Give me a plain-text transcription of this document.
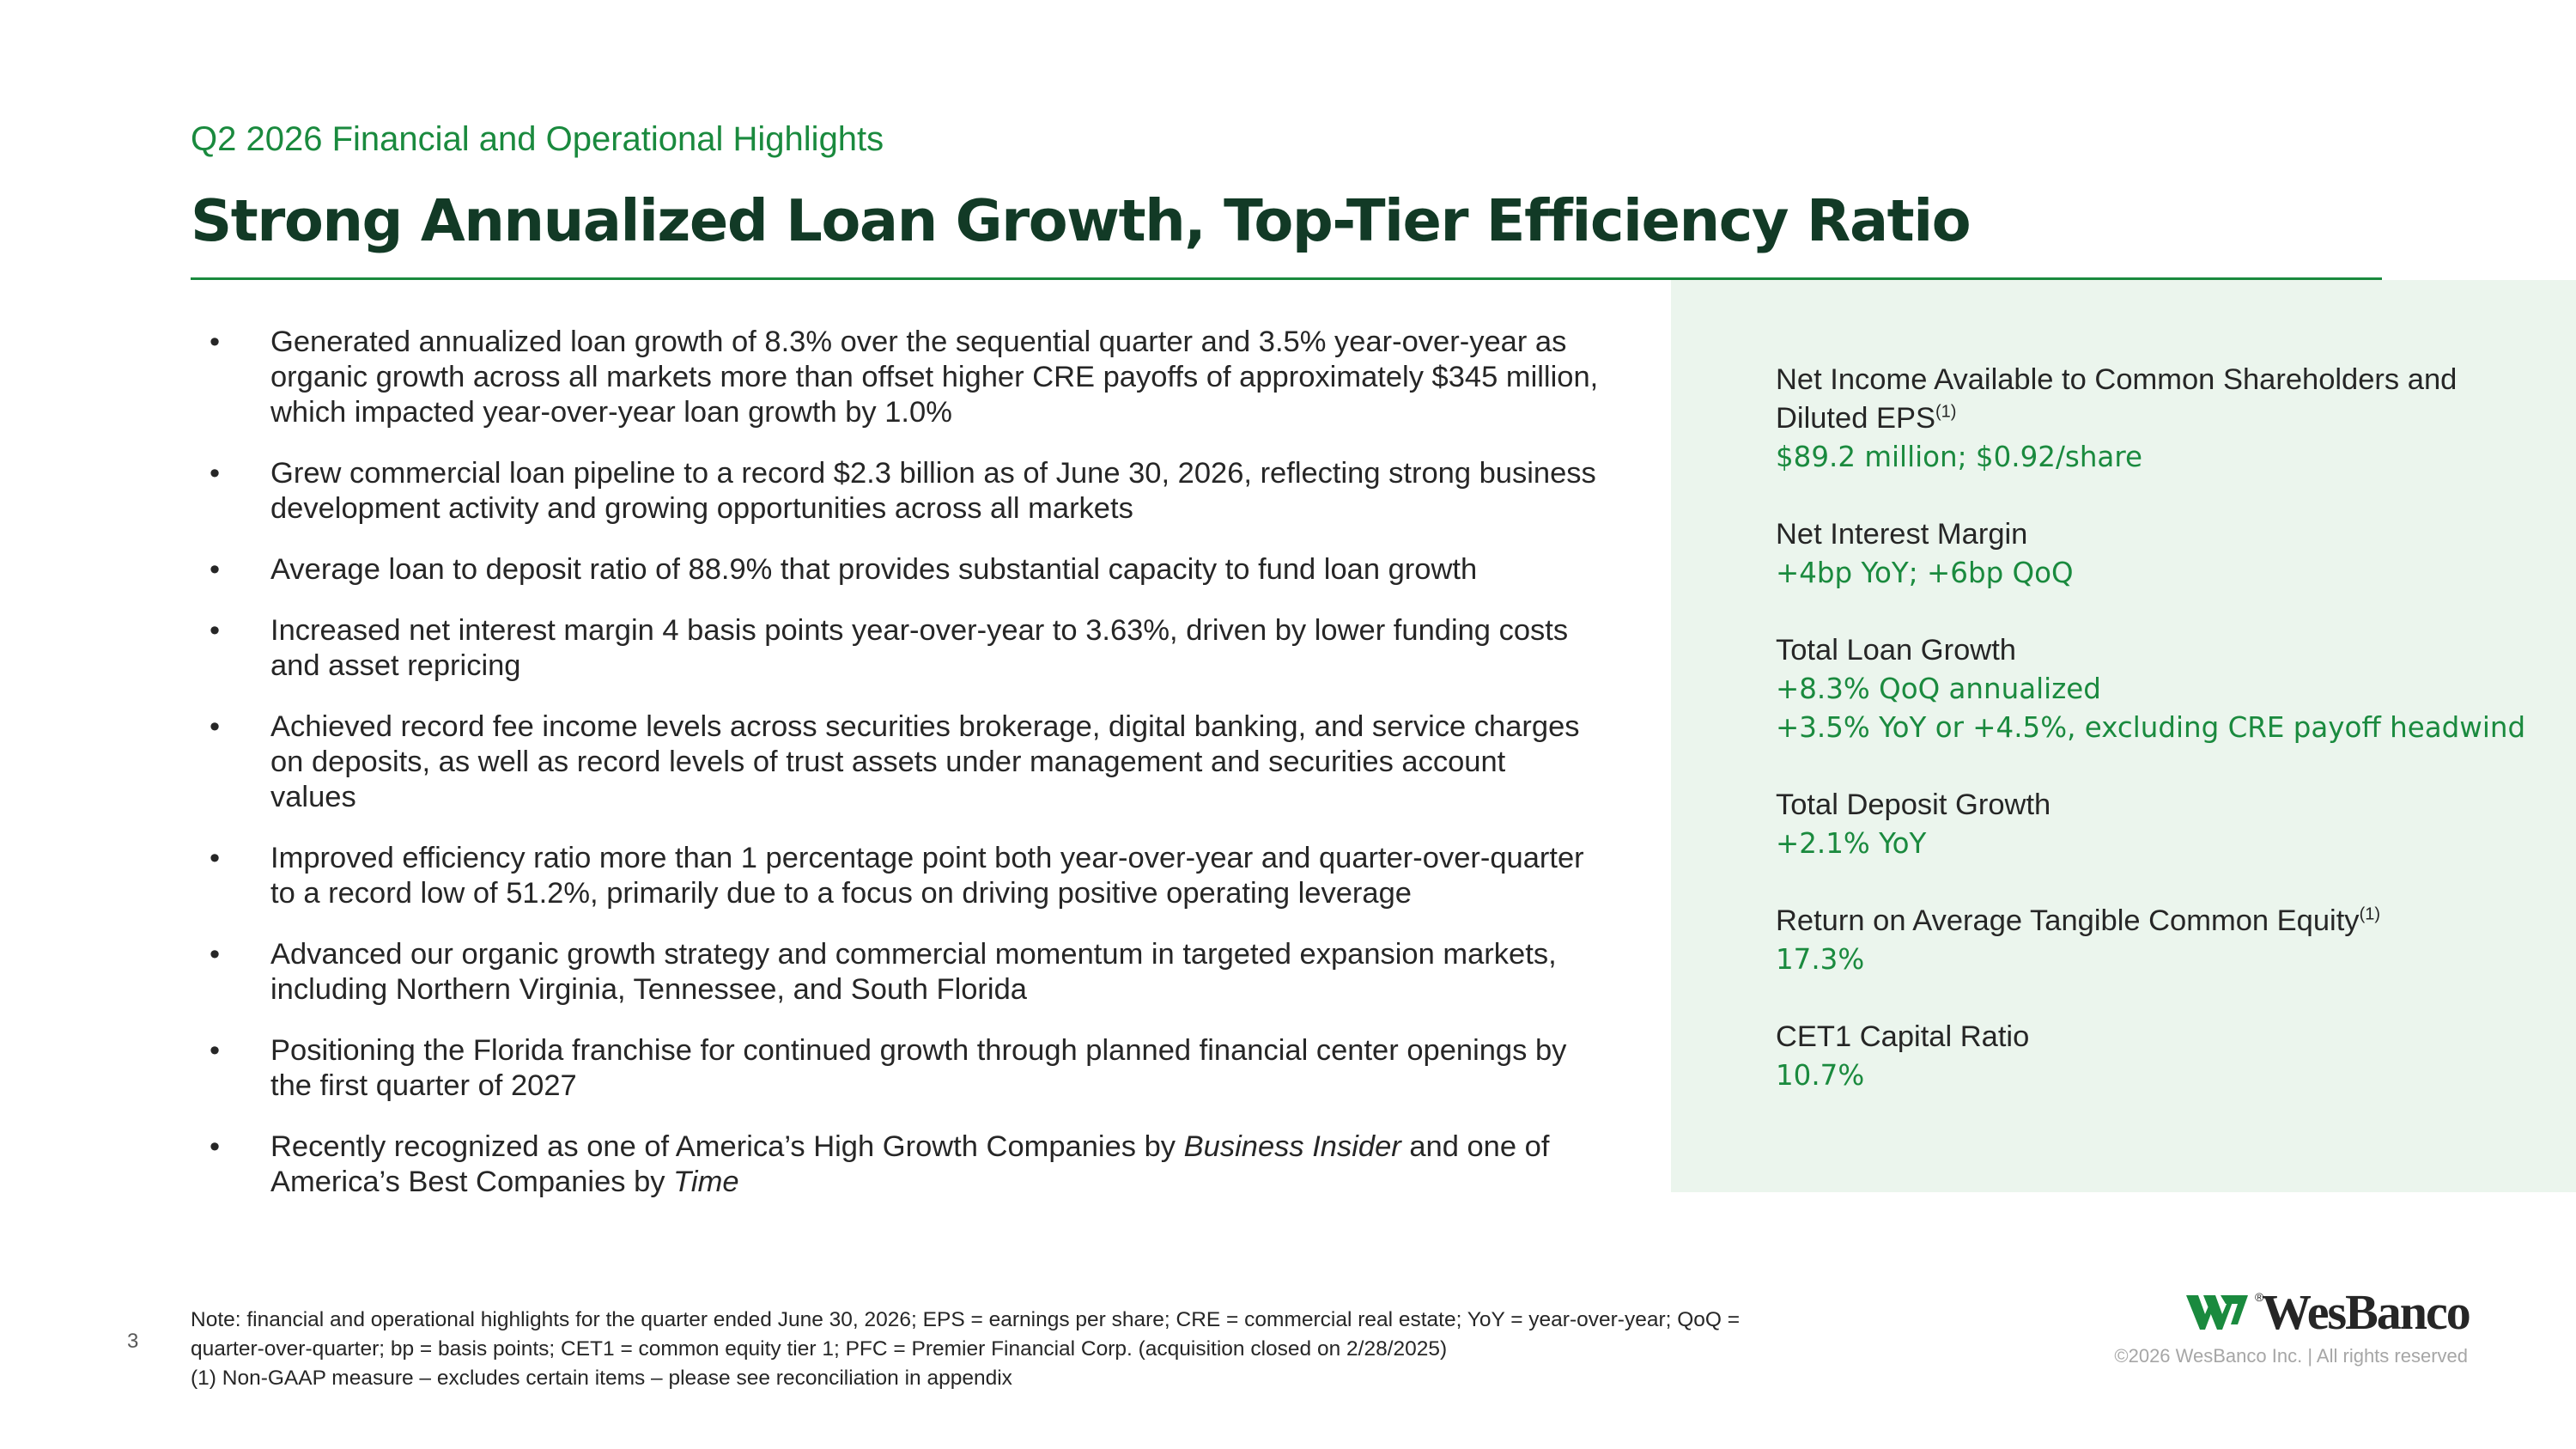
Q2 2026 Financial and Operational Highlights
Strong Annualized Loan Growth, Top-Tier Efficiency Ratio
• Generated annualized loan growth of 8.3% over the sequential quarter and 3.5% year-over-year as organic growth across all markets more than offset higher CRE payoffs of approximately $345 million, which impacted year-over-year loan growth by 1.0%
• Grew commercial loan pipeline to a record $2.3 billion as of June 30, 2026, reflecting strong business development activity and growing opportunities across all markets
• Average loan to deposit ratio of 88.9% that provides substantial capacity to fund loan growth
• Increased net interest margin 4 basis points year-over-year to 3.63%, driven by lower funding costs and asset repricing
• Achieved record fee income levels across securities brokerage, digital banking, and service charges on deposits, as well as record levels of trust assets under management and securities account values
• Improved efficiency ratio more than 1 percentage point both year-over-year and quarter-over-quarter to a record low of 51.2%, primarily due to a focus on driving positive operating leverage
• Advanced our organic growth strategy and commercial momentum in targeted expansion markets, including Northern Virginia, Tennessee, and South Florida
• Positioning the Florida franchise for continued growth through planned financial center openings by the first quarter of 2027
• Recently recognized as one of America’s High Growth Companies by Business Insider and one of America’s Best Companies by Time
Net Income Available to Common Shareholders and Diluted EPS$^{(1)}$
$89.2 million; $0.92/share
Net Interest Margin
+4bp YoY; +6bp QoQ
Total Loan Growth
+8.3% QoQ annualized
+3.5% YoY or +4.5%, excluding CRE payoff headwind
Total Deposit Growth
+2.1% YoY
Return on Average Tangible Common Equity$^{(1)}$
17.3%
CET1 Capital Ratio
10.7%
3
Note: financial and operational highlights for the quarter ended June 30, 2026; EPS = earnings per share; CRE = commercial real estate; YoY = year-over-year; QoQ =
quarter-over-quarter; bp = basis points; CET1 = common equity tier 1; PFC = Premier Financial Corp. (acquisition closed on 2/28/2025)
(1) Non-GAAP measure – excludes certain items – please see reconciliation in appendix
®
WesBanco
©2026 WesBanco Inc. | All rights reserved
